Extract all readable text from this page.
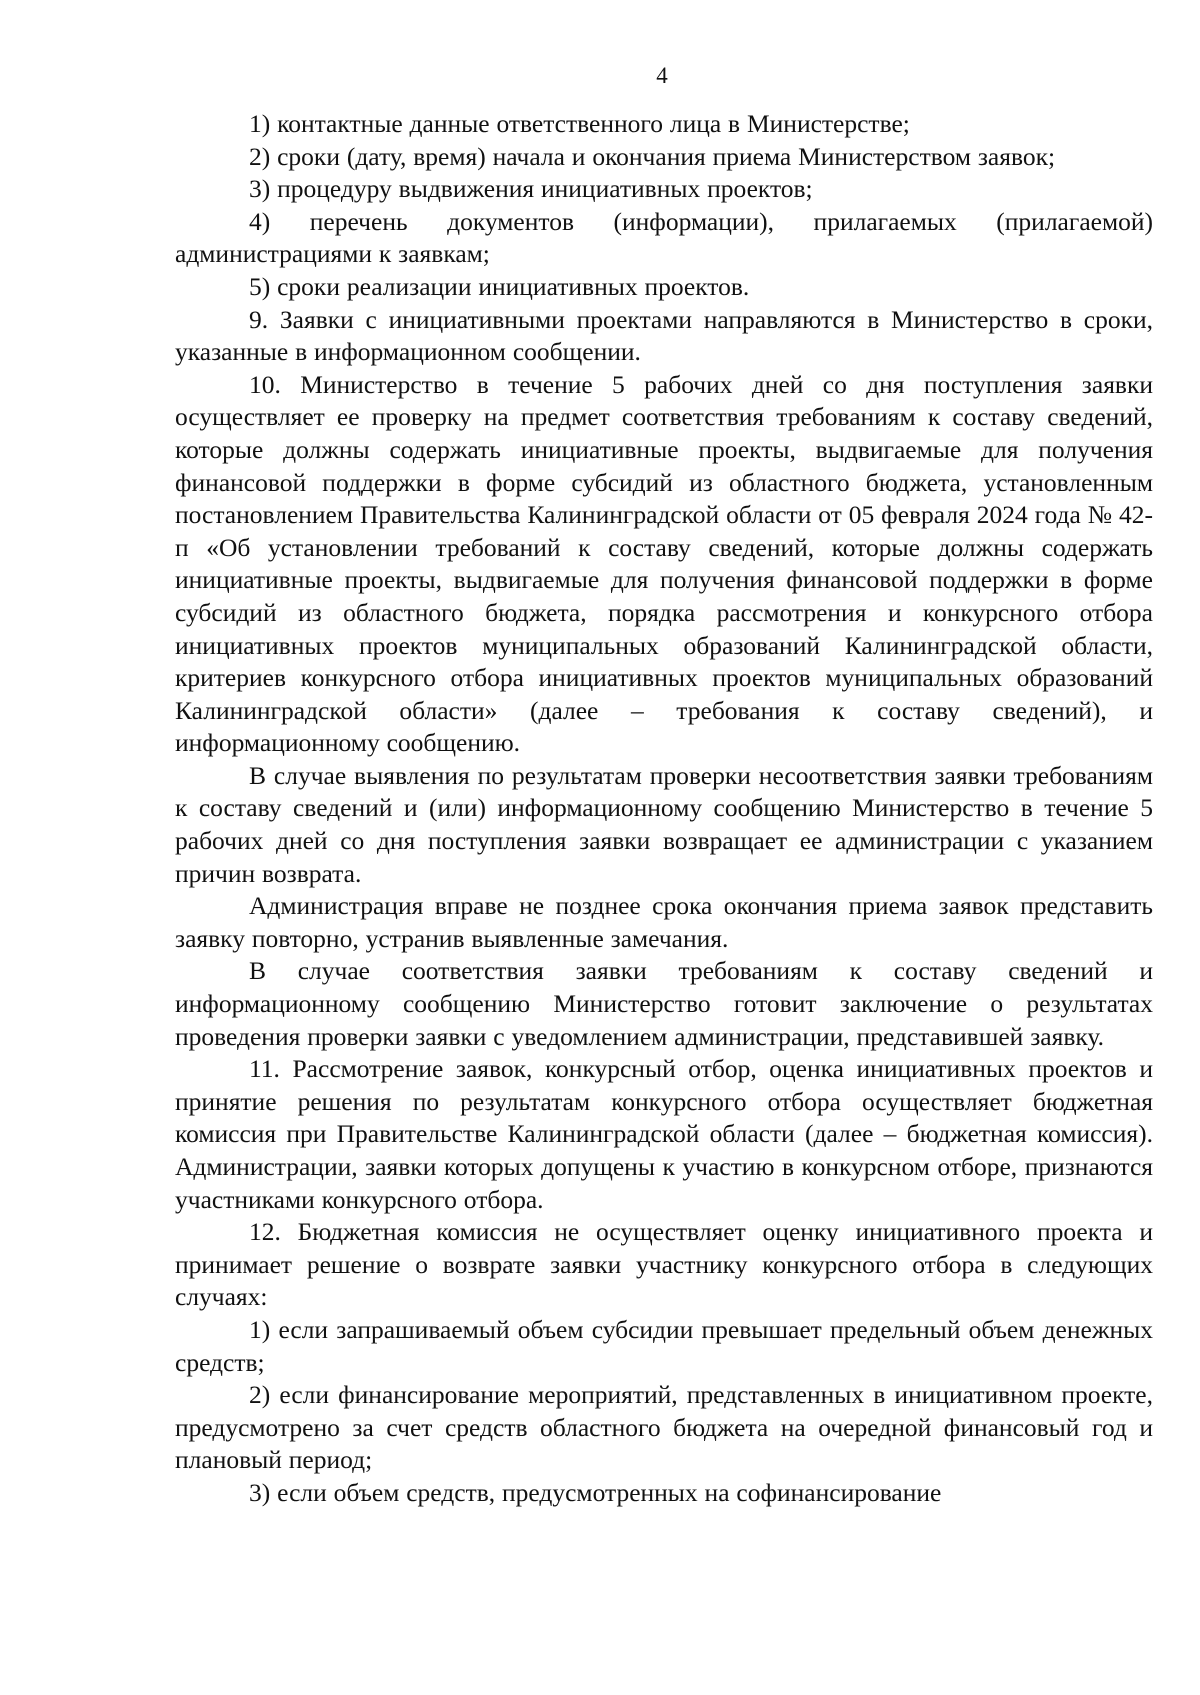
4

1) контактные данные ответственного лица в Министерстве;

2) сроки (дату, время) начала и окончания приема Министерством заявок;

3) процедуру выдвижения инициативных проектов;

4) перечень документов (информации), прилагаемых (прилагаемой) администрациями к заявкам;

5) сроки реализации инициативных проектов.

9. Заявки с инициативными проектами направляются в Министерство в сроки, указанные в информационном сообщении.

10. Министерство в течение 5 рабочих дней со дня поступления заявки осуществляет ее проверку на предмет соответствия требованиям к составу сведений, которые должны содержать инициативные проекты, выдвигаемые для получения финансовой поддержки в форме субсидий из областного бюджета, установленным постановлением Правительства Калининградской области от 05 февраля 2024 года № 42-п «Об установлении требований к составу сведений, которые должны содержать инициативные проекты, выдвигаемые для получения финансовой поддержки в форме субсидий из областного бюджета, порядка рассмотрения и конкурсного отбора инициативных проектов муниципальных образований Калининградской области, критериев конкурсного отбора инициативных проектов муниципальных образований Калининградской области» (далее – требования к составу сведений), и информационному сообщению.

В случае выявления по результатам проверки несоответствия заявки требованиям к составу сведений и (или) информационному сообщению Министерство в течение 5 рабочих дней со дня поступления заявки возвращает ее администрации с указанием причин возврата.

Администрация вправе не позднее срока окончания приема заявок представить заявку повторно, устранив выявленные замечания.

В случае соответствия заявки требованиям к составу сведений и информационному сообщению Министерство готовит заключение о результатах проведения проверки заявки с уведомлением администрации, представившей заявку.

11. Рассмотрение заявок, конкурсный отбор, оценка инициативных проектов и принятие решения по результатам конкурсного отбора осуществляет бюджетная комиссия при Правительстве Калининградской области (далее – бюджетная комиссия). Администрации, заявки которых допущены к участию в конкурсном отборе, признаются участниками конкурсного отбора.

12. Бюджетная комиссия не осуществляет оценку инициативного проекта и принимает решение о возврате заявки участнику конкурсного отбора в следующих случаях:

1) если запрашиваемый объем субсидии превышает предельный объем денежных средств;

2) если финансирование мероприятий, представленных в инициативном проекте, предусмотрено за счет средств областного бюджета на очередной финансовый год и плановый период;

3) если объем средств, предусмотренных на софинансирование
